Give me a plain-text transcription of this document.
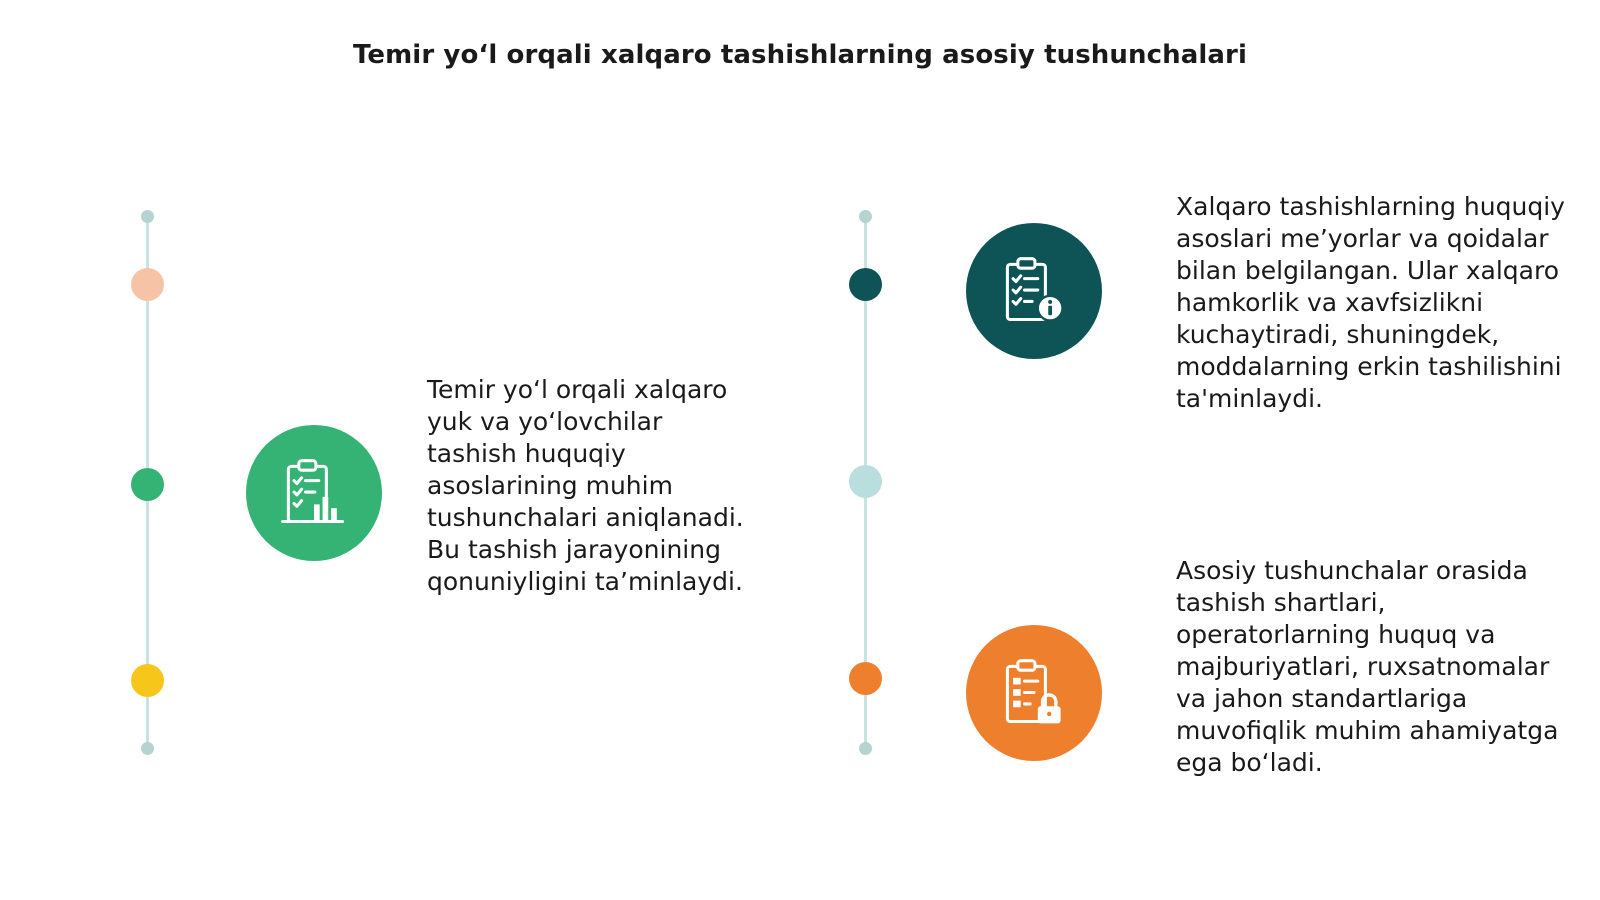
Temir yo‘l orqali xalqaro tashishlarning asosiy tushunchalari
Temir yo‘l orqali xalqaro yuk va yo‘lovchilar tashish huquqiy asoslarining muhim tushunchalari aniqlanadi. Bu tashish jarayonining qonuniyligini ta’minlaydi.
Xalqaro tashishlarning huquqiy asoslari me’yorlar va qoidalar bilan belgilangan. Ular xalqaro hamkorlik va xavfsizlikni kuchaytiradi, shuningdek, moddalarning erkin tashilishini ta'minlaydi.
Asosiy tushunchalar orasida tashish shartlari, operatorlarning huquq va majburiyatlari, ruxsatnomalar va jahon standartlariga muvofiqlik muhim ahamiyatga ega bo‘ladi.
